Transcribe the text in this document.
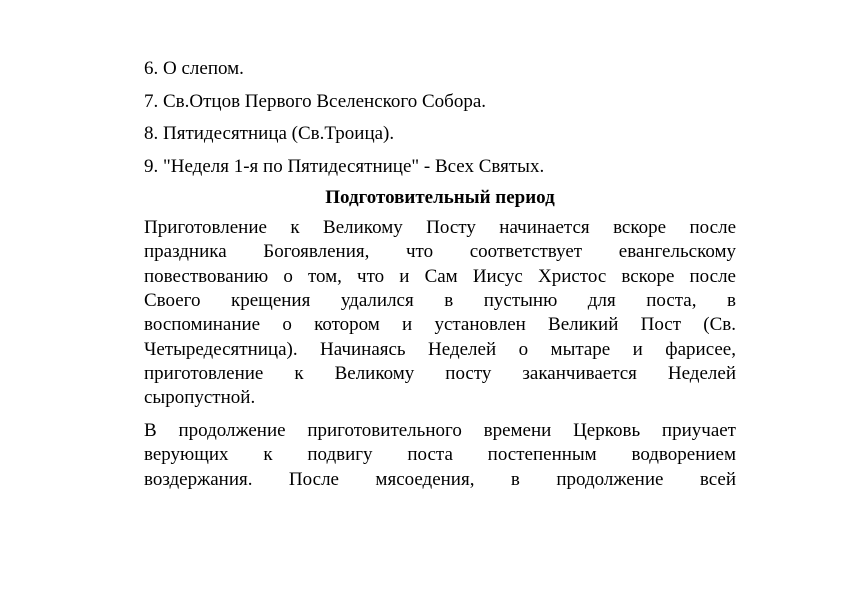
6. О слепом.
7. Св.Отцов Первого Вселенского Собора.
8. Пятидесятница (Св.Троица).
9. "Неделя 1-я по Пятидесятнице" - Всех Святых.
Подготовительный период
Приготовление к Великому Посту начинается вскоре после
праздника Богоявления, что соответствует евангельскому
повествованию о том, что и Сам Иисус Христос вскоре после
Своего крещения удалился в пустыню для поста, в
воспоминание о котором и установлен Великий Пост (Св.
Четыредесятница). Начинаясь Неделей о мытаре и фарисее,
приготовление к Великому посту заканчивается Неделей
сыропустной.
В продолжение приготовительного времени Церковь приучает
верующих к подвигу поста постепенным водворением
воздержания. После мясоедения, в продолжение всей
